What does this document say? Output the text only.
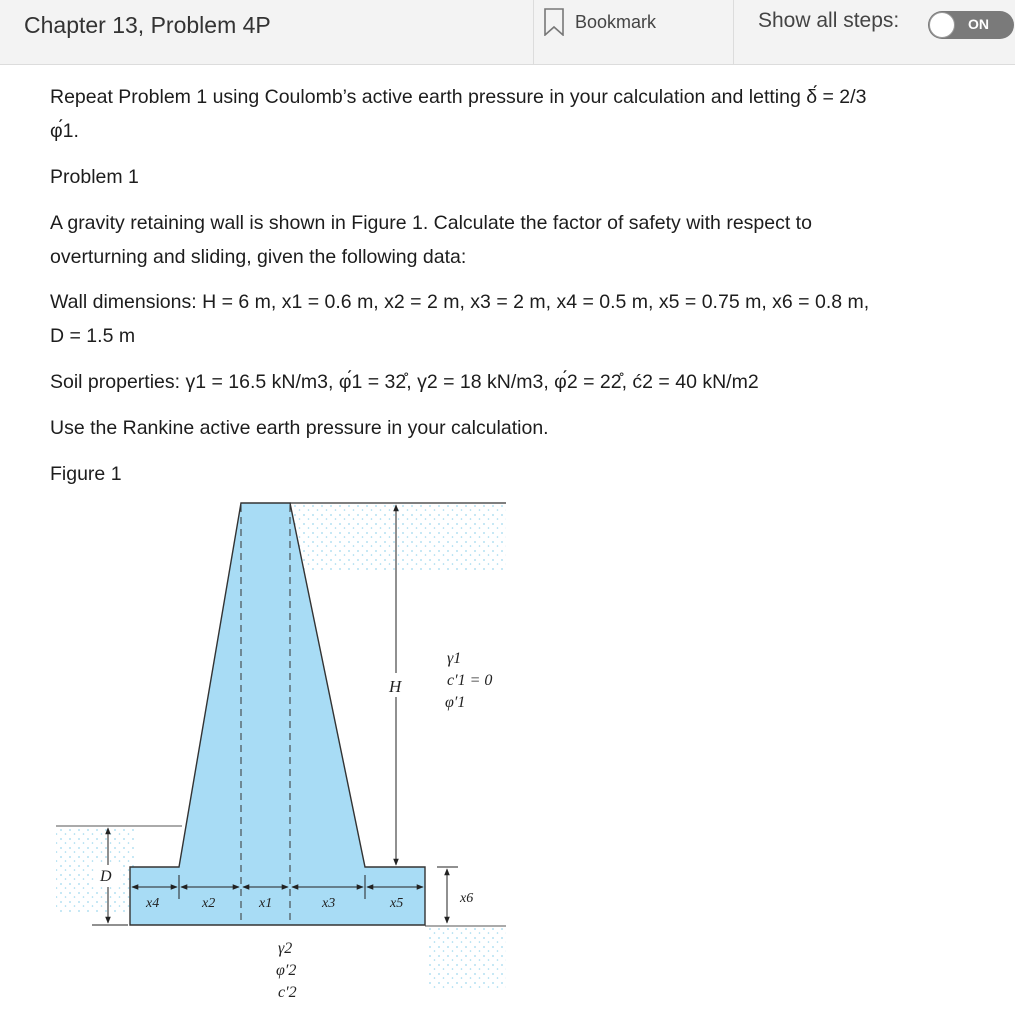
Chapter 13, Problem 4P	Bookmark	Show all steps:	ON

Repeat Problem 1 using Coulomb’s active earth pressure in your calculation and letting δ́ = 2/3

φ́1.

Problem 1

A gravity retaining wall is shown in Figure 1. Calculate the factor of safety with respect to

overturning and sliding, given the following data:

Wall dimensions: H = 6 m, x1 = 0.6 m, x2 = 2 m, x3 = 2 m, x4 = 0.5 m, x5 = 0.75 m, x6 = 0.8 m,

D = 1.5 m

Soil properties: γ1 = 16.5 kN/m3, φ́1 = 32̊, γ2 = 18 kN/m3, φ́2 = 22̊, ć2 = 40 kN/m2

Use the Rankine active earth pressure in your calculation.

Figure 1

H
γ1
c′1 = 0
φ′1
D
x4	x2	x1	x3	x5	x6
γ2
φ′2
c′2
